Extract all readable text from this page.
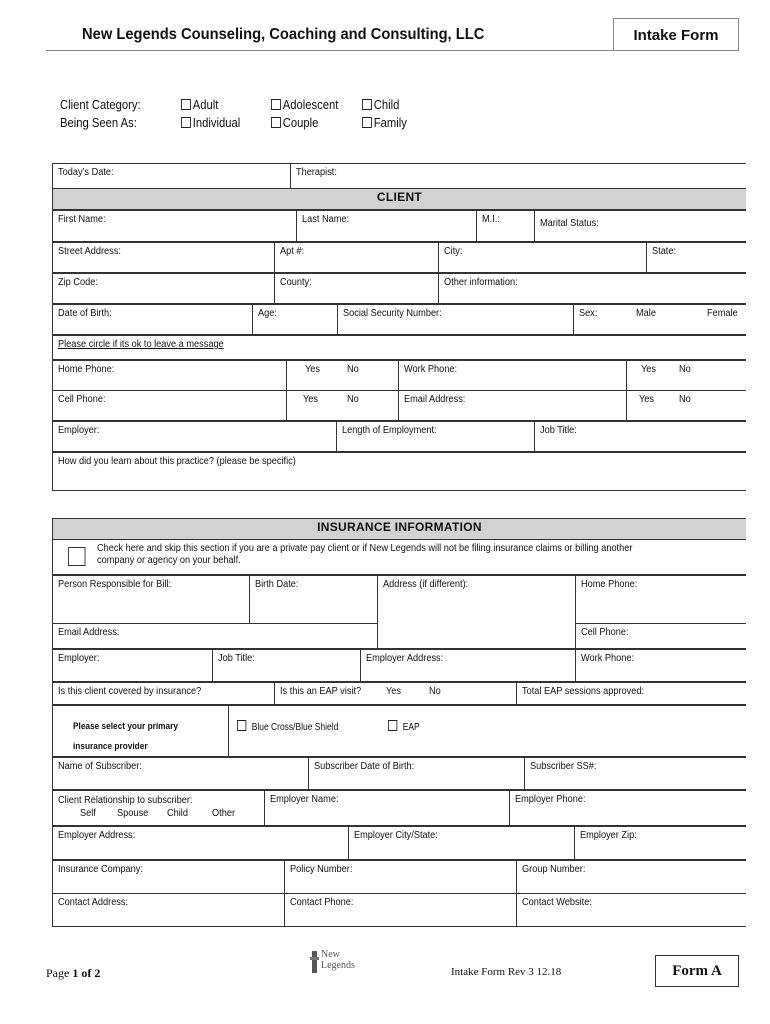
New Legends Counseling, Coaching and Consulting, LLC	Intake Form
Client Category:
Being Seen As:
Adult	Adolescent	Child
Individual	Couple	Family
Today’s Date:	Therapist:
CLIENT
First Name:	Last Name:	M.I.:	Marital Status:
Street Address:	Apt #:	City:	State:
Zip Code:	County:	Other information:
Date of Birth:	Age:	Social Security Number:	Sex:	Male	Female
Please circle if its ok to leave a message
Home Phone:	Yes	No	Work Phone:	Yes No
Cell Phone:	Yes	No	Email Address:	Yes	No
Employer:	Length of Employment:	Job Title:
How did you learn about this practice? (please be specific)
INSURANCE INFORMATION

Check here and skip this section if you are a private pay client or if New Legends will not be filing insurance claims or billing another
company or agency on your behalf.
Person Responsible for Bill:	Birth Date:	Address (if different):	Home Phone:
Email Address:	Cell Phone:
Employer:	Job Title:	Employer Address:	Work Phone:
Is this client covered by insurance?	Is this an EAP visit?	Yes	No	Total EAP sessions approved:
Please select your primary
insurance provider	Blue Cross/Blue Shield	EAP
Name of Subscriber:	Subscriber Date of Birth:	Subscriber SS#:
Client Relationship to subscriber:
Self Spouse Child Other	Employer Name:	Employer Phone:
Employer Address:	Employer City/State:	Employer Zip:
Insurance Company:	Policy Number:	Group Number:
Contact Address:	Contact Phone:	Contact Website:
Page 1 of 2
New
Legends
Intake Form Rev 3 12.18	Form A
